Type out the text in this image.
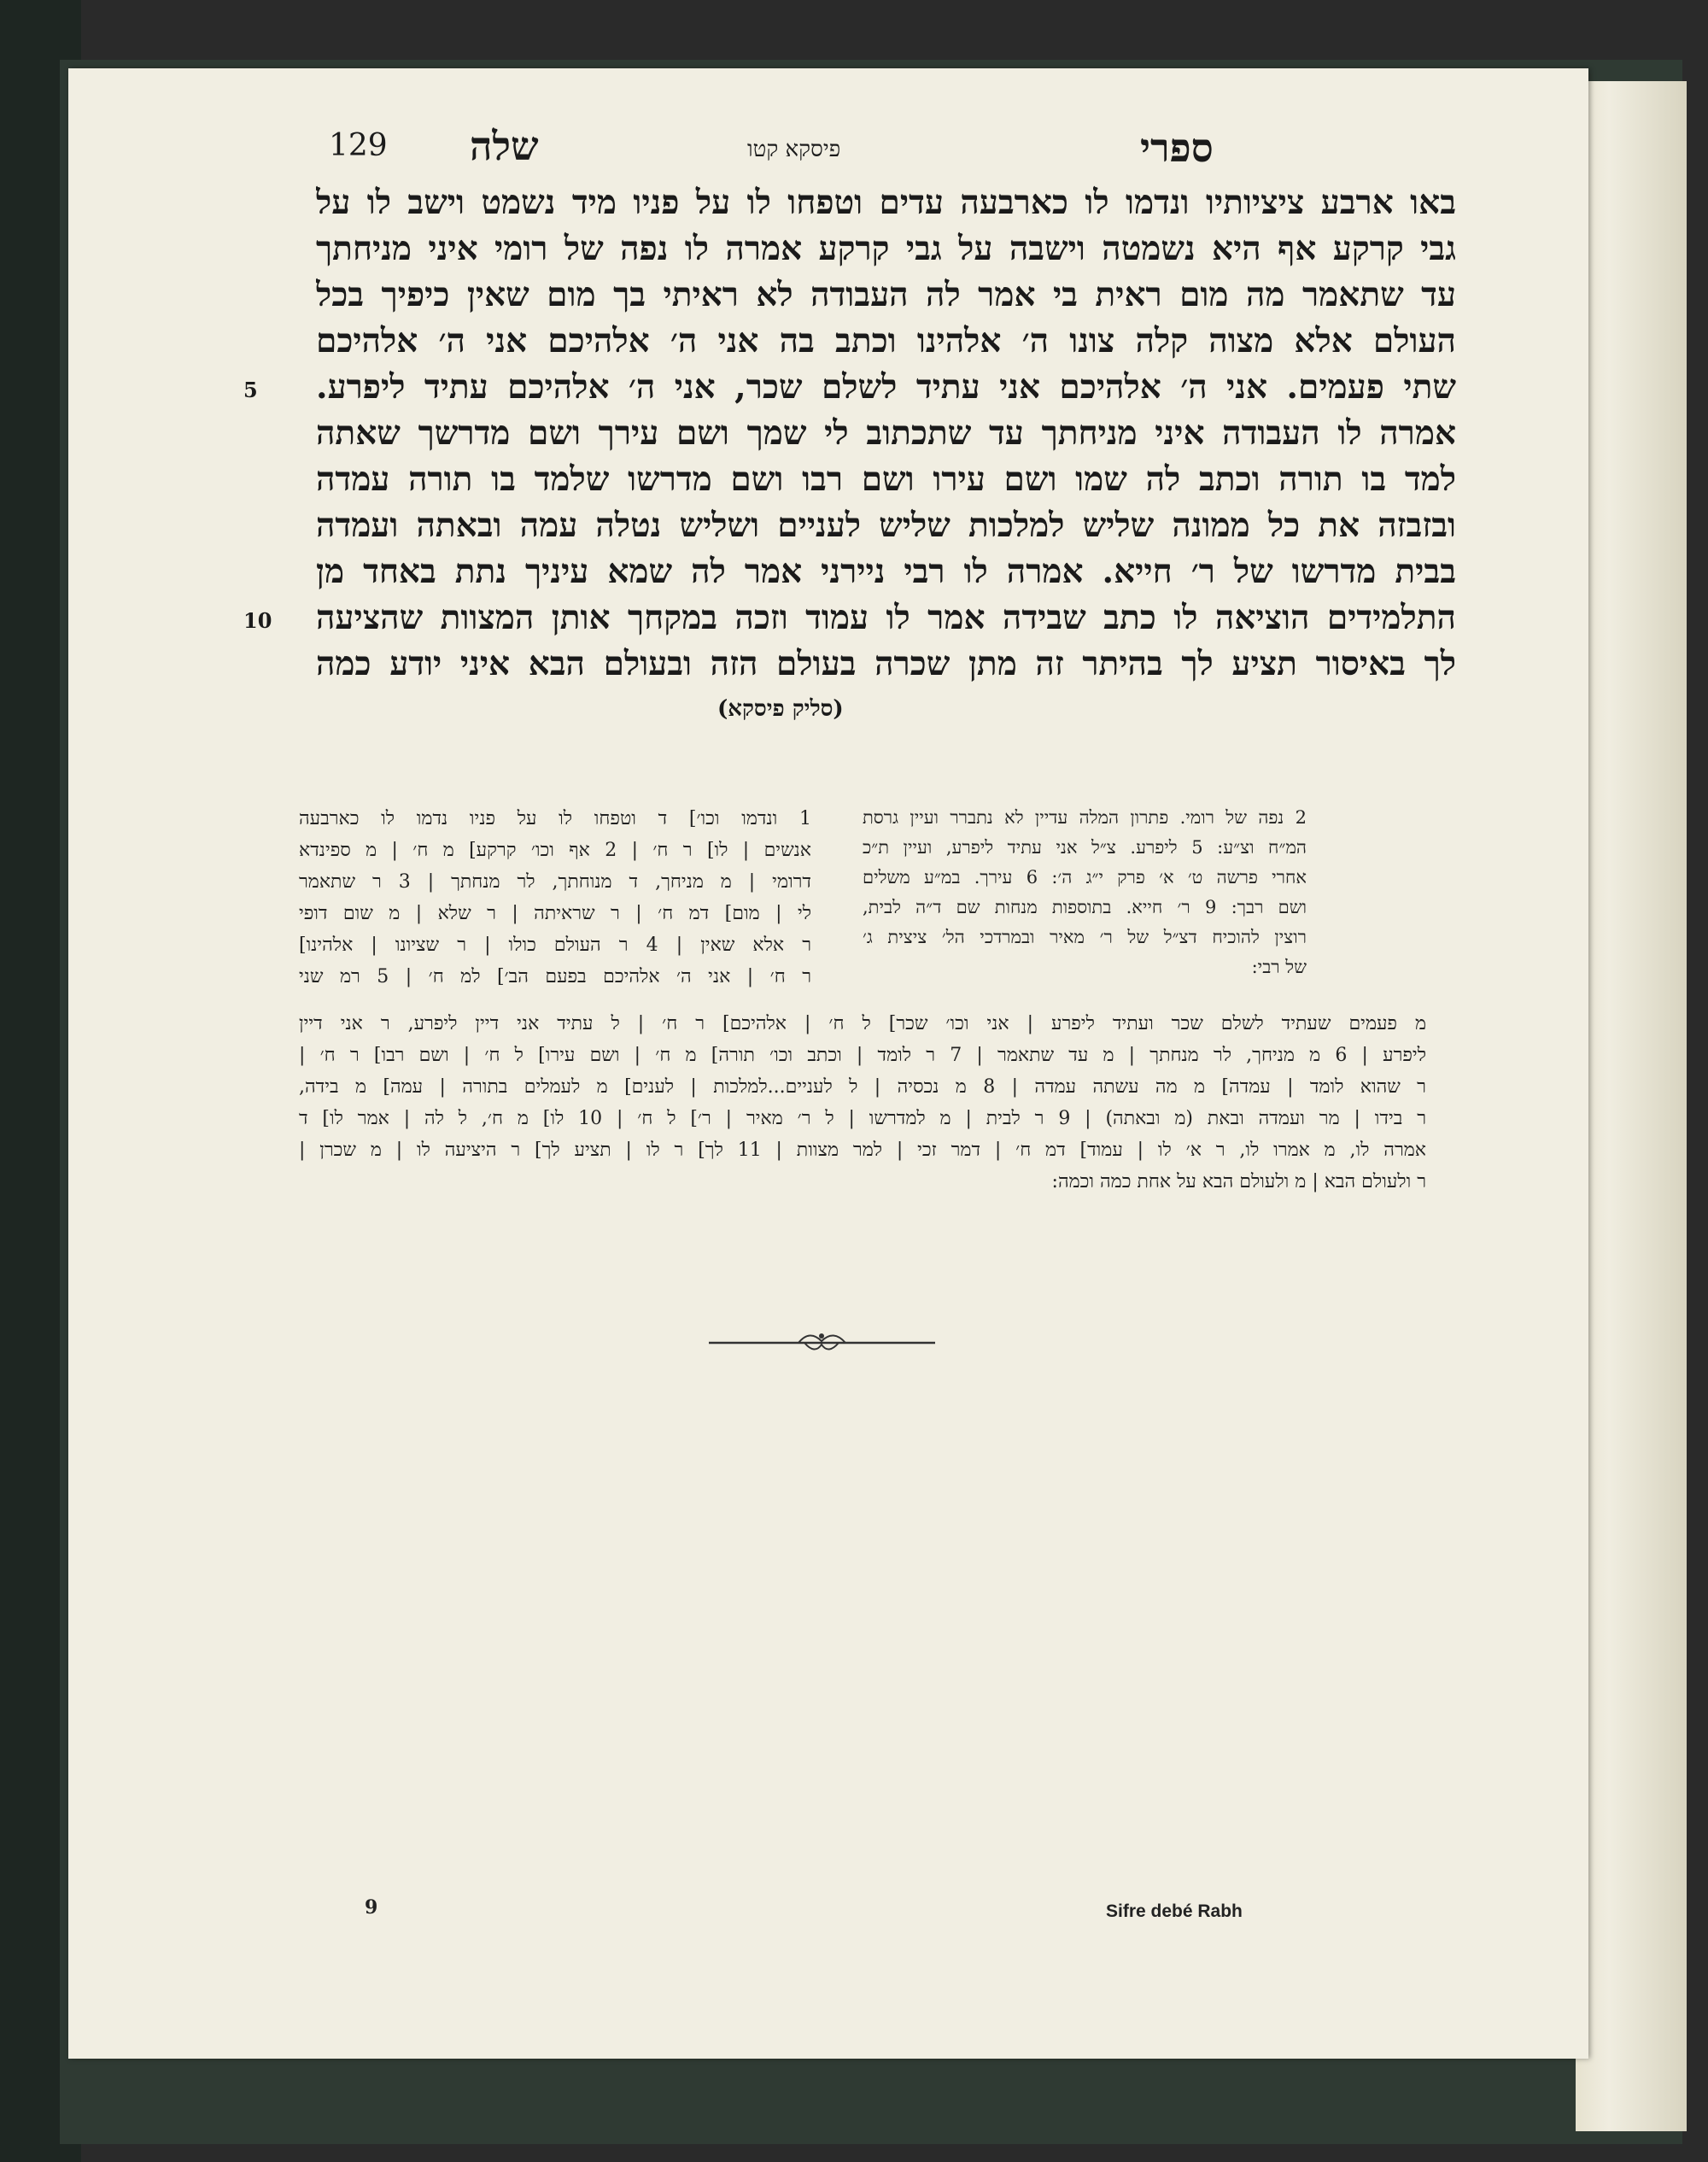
129 שלה	פיסקא קטו	ספרי
באו ארבע ציציותיו ונדמו לו כארבעה עדים וטפחו לו על פניו מיד נשמט וישב לו על
גבי קרקע אף היא נשמטה וישבה על גבי קרקע אמרה לו נפה של רומי איני מניחתך
עד שתאמר מה מום ראית בי אמר לה העבודה לא ראיתי בך מום שאין כיפיך בכל
העולם אלא מצוה קלה צונו ה׳ אלהינו וכתב בה אני ה׳ אלהיכם אני ה׳ אלהיכם
שתי פעמים. אני ה׳ אלהיכם אני עתיד לשלם שכר, אני ה׳ אלהיכם עתיד ליפרע.
אמרה לו העבודה איני מניחתך עד שתכתוב לי שמך ושם עירך ושם מדרשך שאתה
למד בו תורה וכתב לה שמו ושם עירו ושם רבו ושם מדרשו שלמד בו תורה עמדה
ובזבזה את כל ממונה שליש למלכות שליש לעניים ושליש נטלה עמה ובאתה ועמדה
בבית מדרשו של ר׳ חייא. אמרה לו רבי ניירני אמר לה שמא עיניך נתת באחד מן
התלמידים הוציאה לו כתב שבידה אמר לו עמוד וזכה במקחך אותן המצוות שהציעה
לך באיסור תציע לך בהיתר זה מתן שכרה בעולם הזה ובעולם הבא איני יודע כמה
5
10
(סליק פיסקא)
1 ונדמו וכו׳] ד וטפחו לו על פניו נדמו לו כארבעה
אנשים | לו] ר ח׳ | 2 אף וכו׳ קרקע] מ ח׳ | מ ספינדא
דרומי | מ מניחך, ד מנוחתך, לר מנחתך | 3 ר שתאמר
לי | מום] דמ ח׳ | ר שראיתה | ר שלא | מ שום דופי
ר אלא שאין | 4 ר העולם כולו | ר שציונו | אלהינו]
ר ח׳ | אני ה׳ אלהיכם בפעם הב׳] למ ח׳ | 5 רמ שני
2 נפה של רומי. פתרון המלה עדיין לא נתברר ועיין גרסת
המ״ח וצ״ע: 5 ליפרע. צ״ל אני עתיד ליפרע, ועיין ת״כ
אחרי פרשה ט׳ א׳ פרק י״ג ה׳: 6 עירך. במ״ע משלים
ושם רבך: 9 ר׳ חייא. בתוספות מנחות שם ד״ה לבית,
רוצין להוכיח דצ״ל של ר׳ מאיר ובמרדכי הל׳ ציצית ג׳
של רבי:
מ פעמים שעתיד לשלם שכר ועתיד ליפרע | אני וכו׳ שכר] ל ח׳ | אלהיכם] ר ח׳ | ל עתיד אני דיין ליפרע, ר אני דיין
ליפרע | 6 מ מניחך, לר מנחתך | מ עד שתאמר | 7 ר לומד | וכתב וכו׳ תורה] מ ח׳ | ושם עירו] ל ח׳ | ושם רבו] ר ח׳ |
ר שהוא לומד | עמדה] מ מה עשתה עמדה | 8 מ נכסיה | ל לעניים...למלכות | לענים] מ לעמלים בתורה | עמה] מ בידה,
ר בידו | מר ועמדה ובאת (מ ובאתה) | 9 ר לבית | מ למדרשו | ל ר׳ מאיר | ר׳] ל ח׳ | 10 לו] מ ח׳, ל לה | אמר לו] ד
אמרה לו, מ אמרו לו, ר א׳ לו | עמוד] דמ ח׳ | דמר זכי | למר מצוות | 11 לך] ר לו | תציע לך] ר היציעה לו | מ שכרן |
ר ולעולם הבא | מ ולעולם הבא על אחת כמה וכמה:
9	Sifre debé Rabh
